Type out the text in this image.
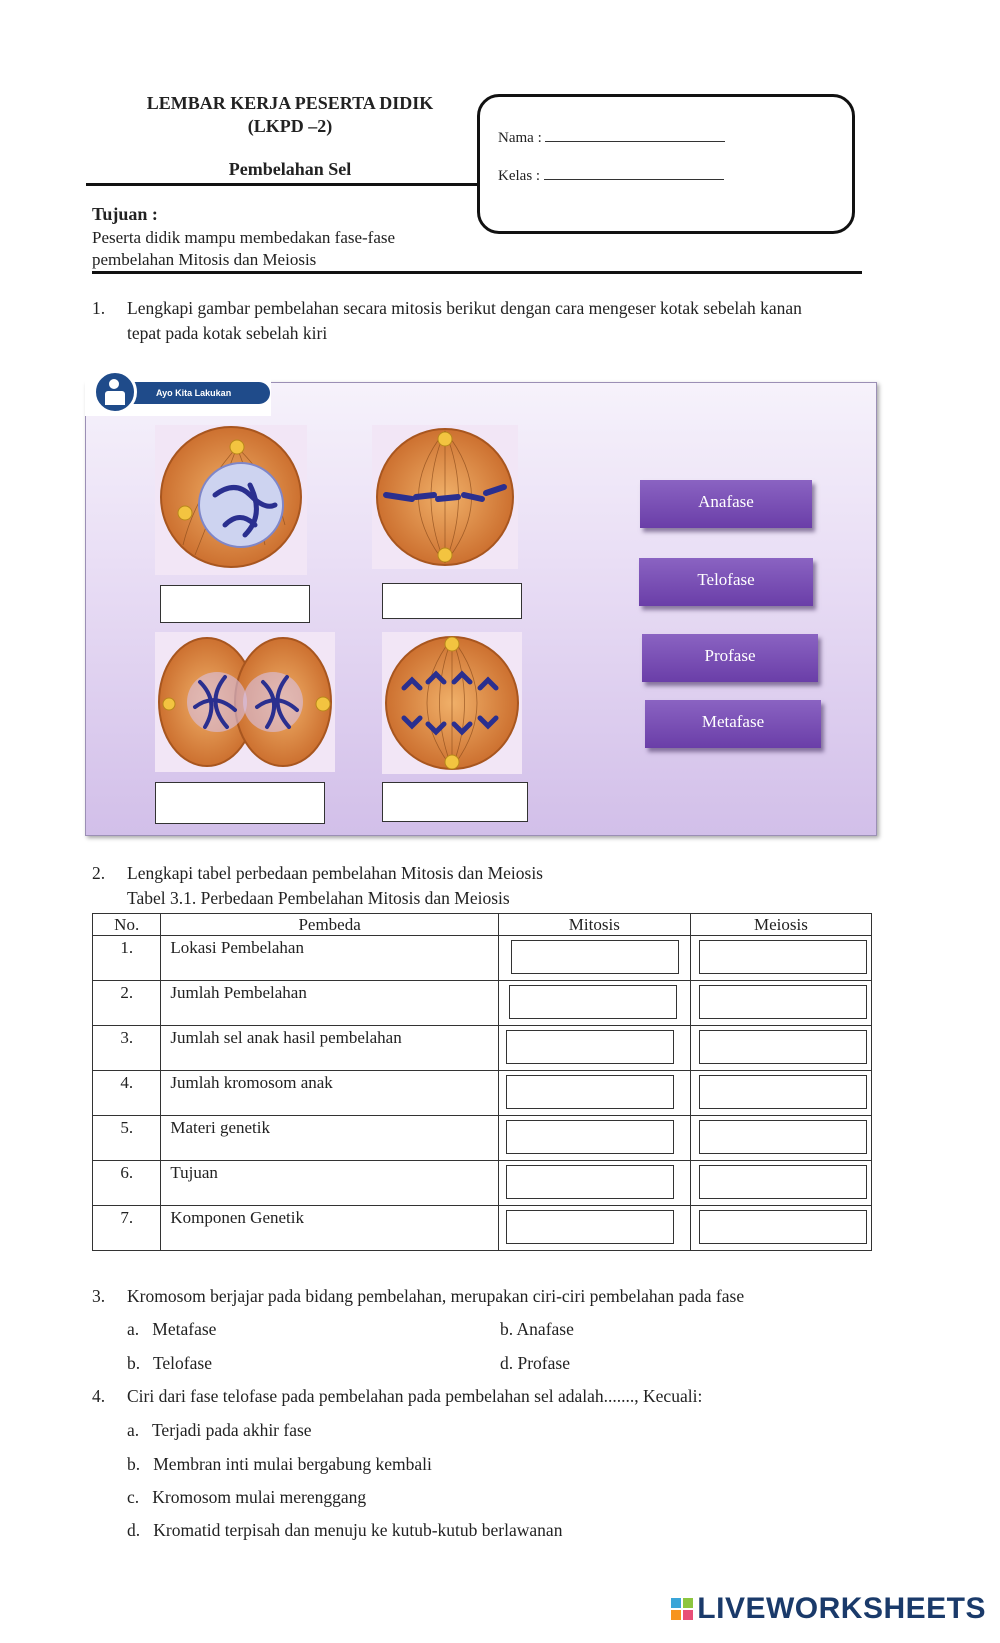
LEMBAR KERJA PESERTA DIDIK
(LKPD –2)
Pembelahan Sel
Nama :
Kelas :
Tujuan :
Peserta didik mampu membedakan fase-fase
pembelahan Mitosis dan Meiosis
1. Lengkapi gambar pembelahan secara mitosis berikut dengan cara mengeser kotak sebelah kanan
tepat pada kotak sebelah kiri
Ayo Kita Lakukan
Anafase
Telofase
Profase
Metafase
2. Lengkapi tabel perbedaan pembelahan Mitosis dan Meiosis
Tabel 3.1. Perbedaan Pembelahan Mitosis dan Meiosis
No.	Pembeda	Mitosis	Meiosis
1.	Lokasi Pembelahan	

2.	Jumlah Pembelahan	

3.	Jumlah sel anak hasil pembelahan	

4.	Jumlah kromosom anak	

5.	Materi genetik	

6.	Tujuan	

7.	Komponen Genetik	

3. Kromosom berjajar pada bidang pembelahan, merupakan ciri-ciri pembelahan pada fase
a. Metafase	b. Anafase
b. Telofase	d. Profase
4. Ciri dari fase telofase pada pembelahan pada pembelahan sel adalah......., Kecuali:
a. Terjadi pada akhir fase
b. Membran inti mulai bergabung kembali
c. Kromosom mulai merenggang
d. Kromatid terpisah dan menuju ke kutub-kutub berlawanan
LIVEWORKSHEETS
